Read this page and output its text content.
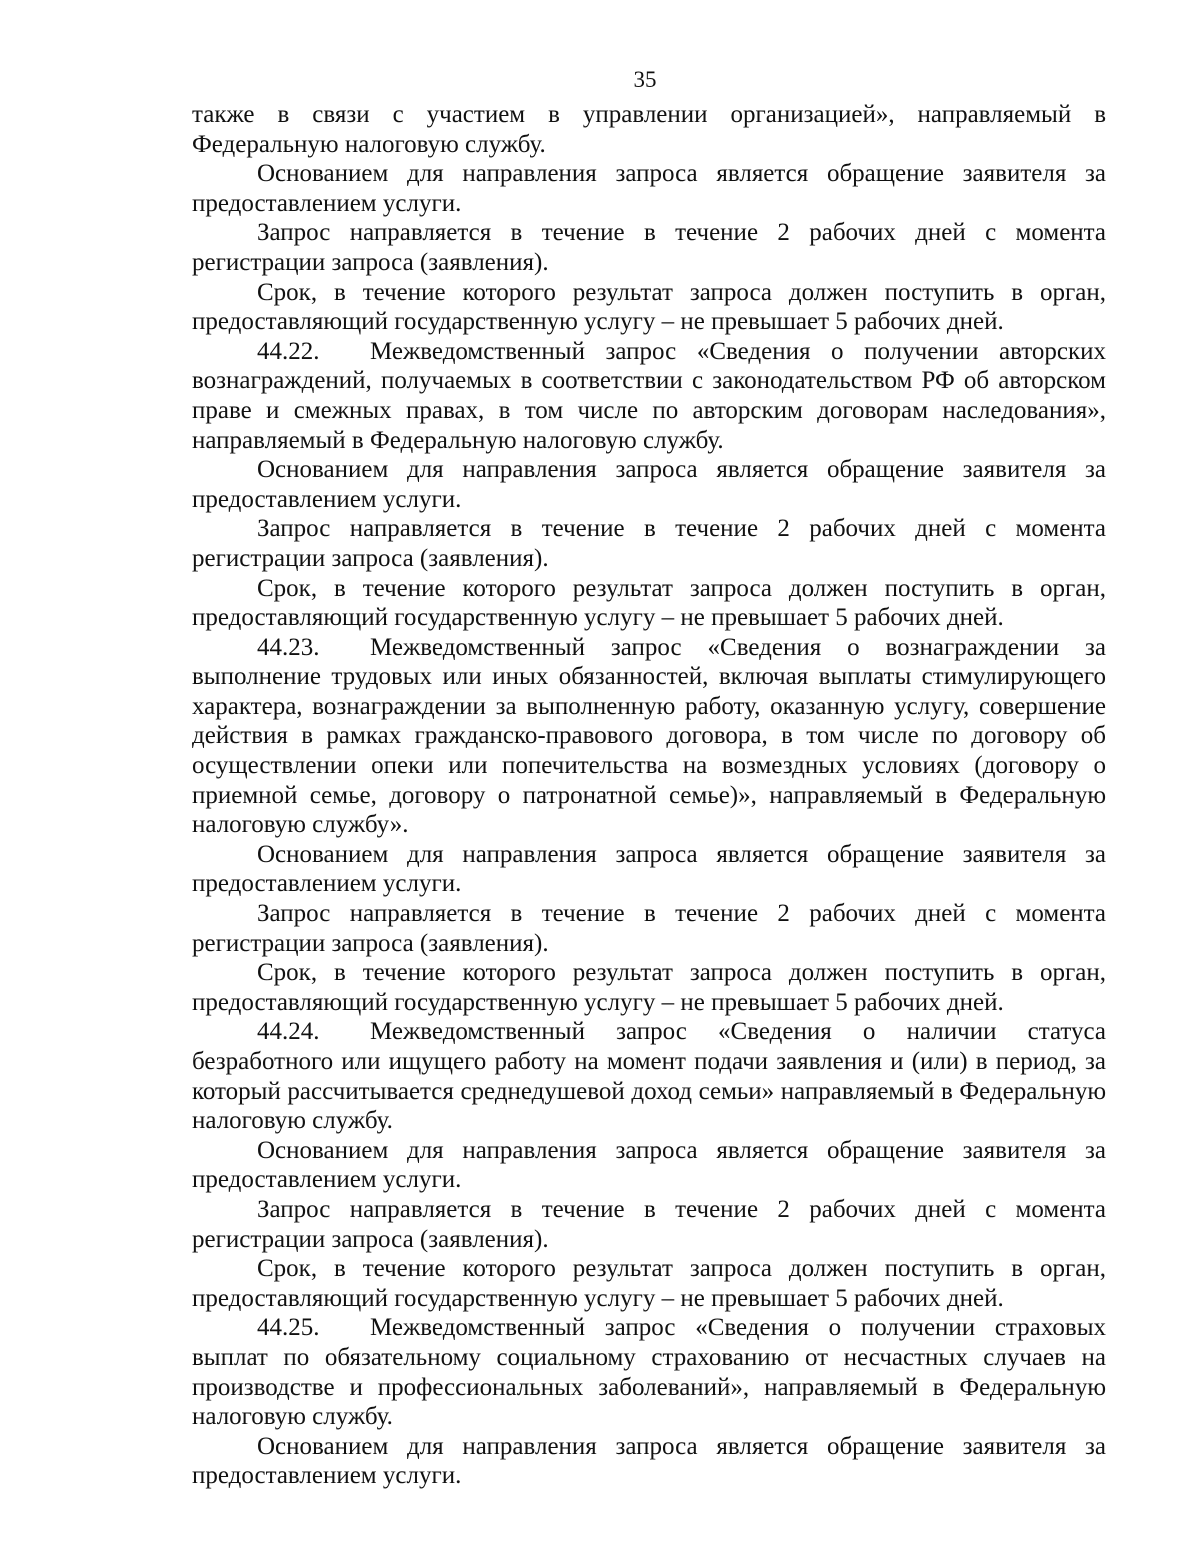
35

также в связи с участием в управлении организацией», направляемый в Федеральную налоговую службу.

Основанием для направления запроса является обращение заявителя за предоставлением услуги.

Запрос направляется в течение в течение 2 рабочих дней с момента регистрации запроса (заявления).

Срок, в течение которого результат запроса должен поступить в орган, предоставляющий государственную услугу – не превышает 5 рабочих дней.

44.22. Межведомственный запрос «Сведения о получении авторских вознаграждений, получаемых в соответствии с законодательством РФ об авторском праве и смежных правах, в том числе по авторским договорам наследования», направляемый в Федеральную налоговую службу.

Основанием для направления запроса является обращение заявителя за предоставлением услуги.

Запрос направляется в течение в течение 2 рабочих дней с момента регистрации запроса (заявления).

Срок, в течение которого результат запроса должен поступить в орган, предоставляющий государственную услугу – не превышает 5 рабочих дней.

44.23. Межведомственный запрос «Сведения о вознаграждении за выполнение трудовых или иных обязанностей, включая выплаты стимулирующего характера, вознаграждении за выполненную работу, оказанную услугу, совершение действия в рамках гражданско-правового договора, в том числе по договору об осуществлении опеки или попечительства на возмездных условиях (договору о приемной семье, договору о патронатной семье)», направляемый в Федеральную налоговую службу».

Основанием для направления запроса является обращение заявителя за предоставлением услуги.

Запрос направляется в течение в течение 2 рабочих дней с момента регистрации запроса (заявления).

Срок, в течение которого результат запроса должен поступить в орган, предоставляющий государственную услугу – не превышает 5 рабочих дней.

44.24. Межведомственный запрос «Сведения о наличии статуса безработного или ищущего работу на момент подачи заявления и (или) в период, за который рассчитывается среднедушевой доход семьи» направляемый в Федеральную налоговую службу.

Основанием для направления запроса является обращение заявителя за предоставлением услуги.

Запрос направляется в течение в течение 2 рабочих дней с момента регистрации запроса (заявления).

Срок, в течение которого результат запроса должен поступить в орган, предоставляющий государственную услугу – не превышает 5 рабочих дней.

44.25. Межведомственный запрос «Сведения о получении страховых выплат по обязательному социальному страхованию от несчастных случаев на производстве и профессиональных заболеваний», направляемый в Федеральную налоговую службу.

Основанием для направления запроса является обращение заявителя за предоставлением услуги.
